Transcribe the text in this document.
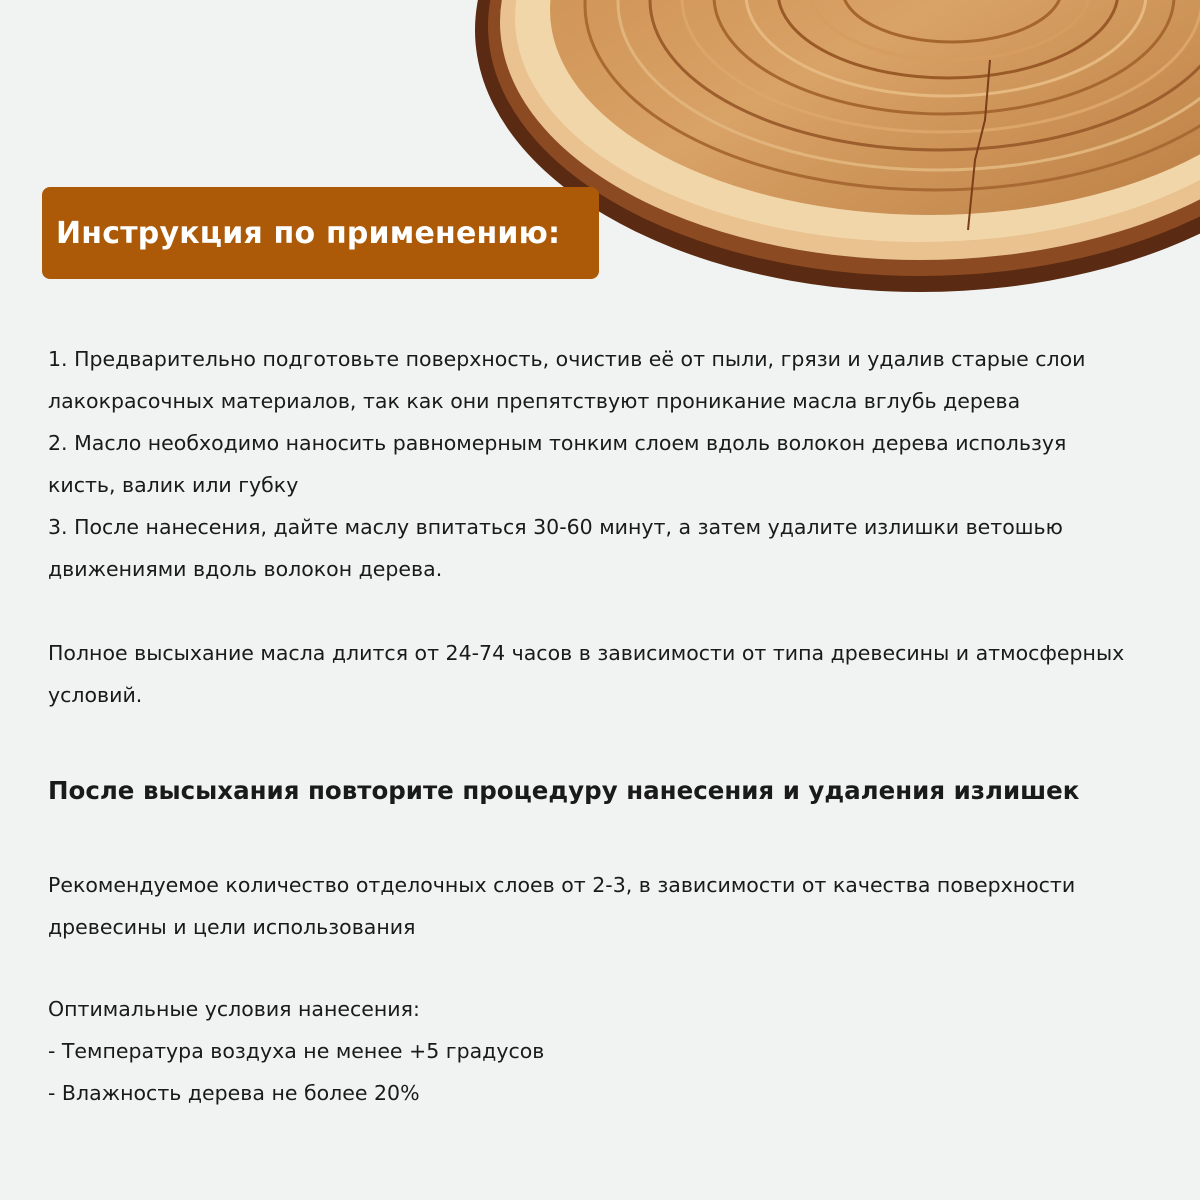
Инструкция по применению:
1. Предварительно подготовьте поверхность, очистив её от пыли, грязи и удалив старые слои
лакокрасочных материалов, так как они препятствуют проникание масла вглубь дерева
2. Масло необходимо наносить равномерным тонким слоем вдоль волокон дерева используя
кисть, валик или губку
3. После нанесения, дайте маслу впитаться 30-60 минут, а затем удалите излишки ветошью
движениями вдоль волокон дерева.
Полное высыхание масла длится от 24-74 часов в зависимости от типа древесины и атмосферных
условий.
После высыхания повторите процедуру нанесения и удаления излишек
Рекомендуемое количество отделочных слоев от 2-3, в зависимости от качества поверхности
древесины и цели использования
Оптимальные условия нанесения:
- Температура воздуха не менее +5 градусов
- Влажность дерева не более 20%
